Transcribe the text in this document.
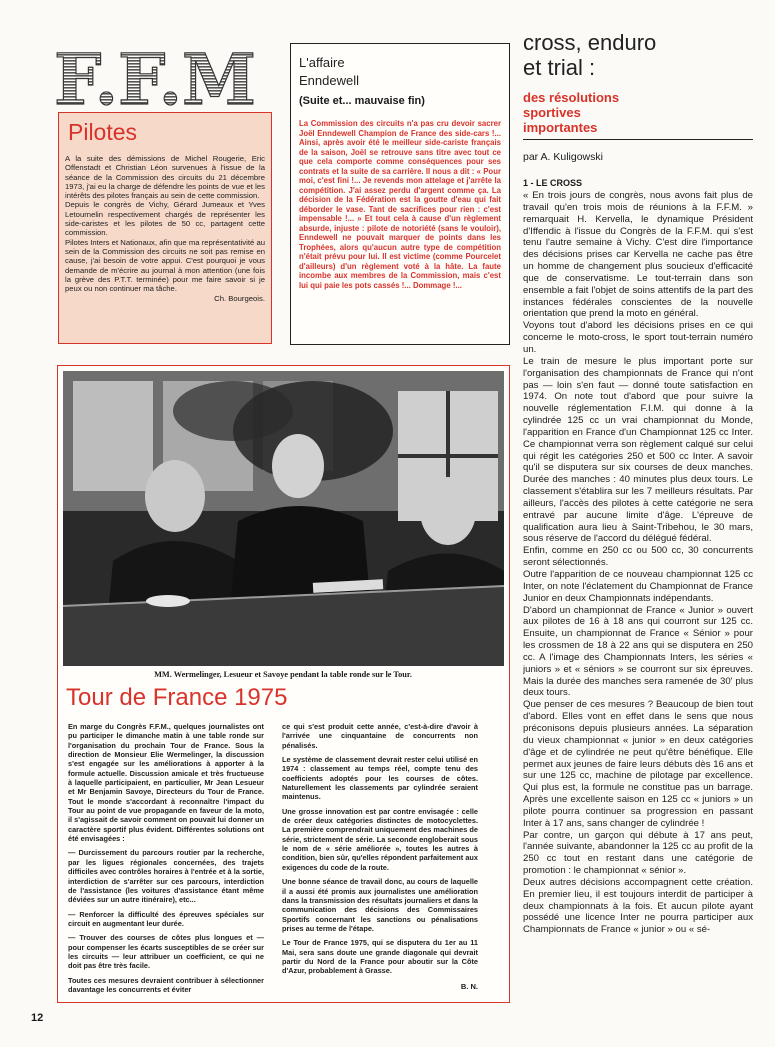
F.F.M
Pilotes

A la suite des démissions de Michel Rougerie, Eric Offenstadt et Christian Léon survenues à l'issue de la séance de la Commission des circuits du 21 décembre 1973, j'ai eu la charge de défendre les points de vue et les intérêts des pilotes français au sein de cette commission.

Depuis le congrès de Vichy, Gérard Jumeaux et Yves Letournelin respectivement chargés de représenter les side-caristes et les pilotes de 50 cc, partagent cette commission.

Pilotes Inters et Nationaux, afin que ma représentativité au sein de la Commission des circuits ne soit pas remise en cause, j'ai besoin de votre appui. C'est pourquoi je vous demande de m'écrire au journal à mon attention (une fois la grève des P.T.T. terminée) pour me faire savoir si je peux ou non continuer ma tâche.

Ch. Bourgeois.
L'affaire
Enndewell
(Suite et... mauvaise fin)
La Commission des circuits n'a pas cru devoir sacrer Joël Enndewell Champion de France des side-cars !... Ainsi, après avoir été le meilleur side-cariste français de la saison, Joël se retrouve sans titre avec tout ce que cela comporte comme conséquences pour ses contrats et la suite de sa carrière. Il nous a dit : « Pour moi, c'est fini !... Je revends mon attelage et j'arrête la compétition. J'ai assez perdu d'argent comme ça. La décision de la Fédération est la goutte d'eau qui fait déborder le vase. Tant de sacrifices pour rien : c'est impensable !... » Et tout cela à cause d'un règlement absurde, injuste : pilote de notoriété (sans le vouloir), Enndewell ne pouvait marquer de points dans les Trophées, alors qu'aucun autre type de compétition n'était prévu pour lui. Il est victime (comme Pourcelet d'ailleurs) d'un règlement voté à la hâte. La faute incombe aux membres de la Commission, mais c'est lui qui paie les pots cassés !... Dommage !...
cross, enduro
et trial :
des résolutions
sportives
importantes
par A. Kuligowski
1 - LE CROSS

« En trois jours de congrès, nous avons fait plus de travail qu'en trois mois de réunions à la F.F.M. » remarquait H. Kervella, le dynamique Président d'Iffendic à l'issue du Congrès de la F.F.M. qui s'est tenu l'autre semaine à Vichy. C'est dire l'importance des décisions prises car Kervella ne cache pas être un homme de changement plus soucieux d'efficacité que de conservatisme. Le tout-terrain dans son ensemble a fait l'objet de soins attentifs de la part des instances fédérales conscientes de la nouvelle orientation que prend la moto en général.

Voyons tout d'abord les décisions prises en ce qui concerne le moto-cross, le sport tout-terrain numéro un.

Le train de mesure le plus important porte sur l'organisation des championnats de France qui n'ont pas — loin s'en faut — donné toute satisfaction en 1974. On note tout d'abord que pour suivre la nouvelle réglementation F.I.M. qui donne à la cylindrée 125 cc un vrai championnat du Monde, l'apparition en France d'un Championnat 125 cc Inter. Ce championnat verra son règlement calqué sur celui qui régit les catégories 250 et 500 cc Inter. A savoir qu'il se disputera sur six courses de deux manches. Durée des manches : 40 minutes plus deux tours. Le classement s'établira sur les 7 meilleurs résultats. Par ailleurs, l'accès des pilotes à cette catégorie ne sera entravé par aucune limite d'âge. L'épreuve de qualification aura lieu à Saint-Tribehou, le 30 mars, sous réserve de l'accord du délégué fédéral.

Enfin, comme en 250 cc ou 500 cc, 30 concurrents seront sélectionnés.

Outre l'apparition de ce nouveau championnat 125 cc Inter, on note l'éclatement du Championnat de France Junior en deux Championnats indépendants.

D'abord un championnat de France « Junior » ouvert aux pilotes de 16 à 18 ans qui courront sur 125 cc. Ensuite, un championnat de France « Sénior » pour les crossmen de 18 à 22 ans qui se disputera en 250 cc. A l'image des Championnats Inters, les séries « juniors » et « séniors » se courront sur six épreuves. Mais la durée des manches sera ramenée de 30' plus deux tours.

Que penser de ces mesures ? Beaucoup de bien tout d'abord. Elles vont en effet dans le sens que nous préconisons depuis plusieurs années. La séparation du vieux championnat « junior » en deux catégories d'âge et de cylindrée ne peut qu'être bénéfique. Elle permet aux jeunes de faire leurs débuts dès 16 ans et sur une 125 cc, machine de pilotage par excellence. Qui plus est, la formule ne constitue pas un barrage. Après une excellente saison en 125 cc « juniors » un pilote pourra continuer sa progression en passant Inter à 17 ans, sans changer de cylindrée !

Par contre, un garçon qui débute à 17 ans peut, l'année suivante, abandonner la 125 cc au profit de la 250 cc tout en restant dans une catégorie de promotion : le championnat « sénior ».

Deux autres décisions accompagnent cette création. En premier lieu, il est toujours interdit de participer à deux championnats à la fois. Et aucun pilote ayant possédé une licence Inter ne pourra participer aux Championnats de France « junior » ou « sé-

MM. Wermelinger, Lesueur et Savoye pendant la table ronde sur le Tour.
Tour de France 1975

En marge du Congrès F.F.M., quelques journalistes ont pu participer le dimanche matin à une table ronde sur l'organisation du prochain Tour de France. Sous la direction de Monsieur Elie Wermelinger, la discussion s'est engagée sur les améliorations à apporter à la formule actuelle. Discussion amicale et très fructueuse à laquelle participaient, en particulier, Mr Jean Lesueur et Mr Benjamin Savoye, Directeurs du Tour de France. Tout le monde s'accordant à reconnaître l'impact du Tour au point de vue propagande en faveur de la moto, il s'agissait de savoir comment on pouvait lui donner un caractère sportif plus évident. Différentes solutions ont été envisagées :

— Durcissement du parcours routier par la recherche, par les ligues régionales concernées, des trajets difficiles avec contrôles horaires à l'entrée et à la sortie, interdiction de s'arrêter sur ces parcours, interdiction de l'assistance (les voitures d'assistance étant même déviées sur un autre itinéraire), etc...

— Renforcer la difficulté des épreuves spéciales sur circuit en augmentant leur durée.

— Trouver des courses de côtes plus longues et — pour compenser les écarts susceptibles de se créer sur les circuits — leur attribuer un coefficient, ce qui ne doit pas être très facile.

Toutes ces mesures devraient contribuer à sélectionner davantage les concurrents et éviter

ce qui s'est produit cette année, c'est-à-dire d'avoir à l'arrivée une cinquantaine de concurrents non pénalisés.

Le système de classement devrait rester celui utilisé en 1974 : classement au temps réel, compte tenu des coefficients adoptés pour les courses de côtes. Naturellement les classements par cylindrée seraient maintenus.

Une grosse innovation est par contre envisagée : celle de créer deux catégories distinctes de motocyclettes. La première comprendrait uniquement des machines de série, strictement de série. La seconde engloberait sous le nom de « série améliorée », toutes les autres à condition, bien sûr, qu'elles répondent parfaitement aux exigences du code de la route.

Une bonne séance de travail donc, au cours de laquelle il a aussi été promis aux journalistes une amélioration dans la transmission des résultats journaliers et dans la communication des décisions des Commissaires Sportifs concernant les sanctions ou pénalisations prises au terme de l'étape.

Le Tour de France 1975, qui se disputera du 1er au 11 Mai, sera sans doute une grande diagonale qui devrait partir du Nord de la France pour aboutir sur la Côte d'Azur, probablement à Grasse.

B. N.
12
